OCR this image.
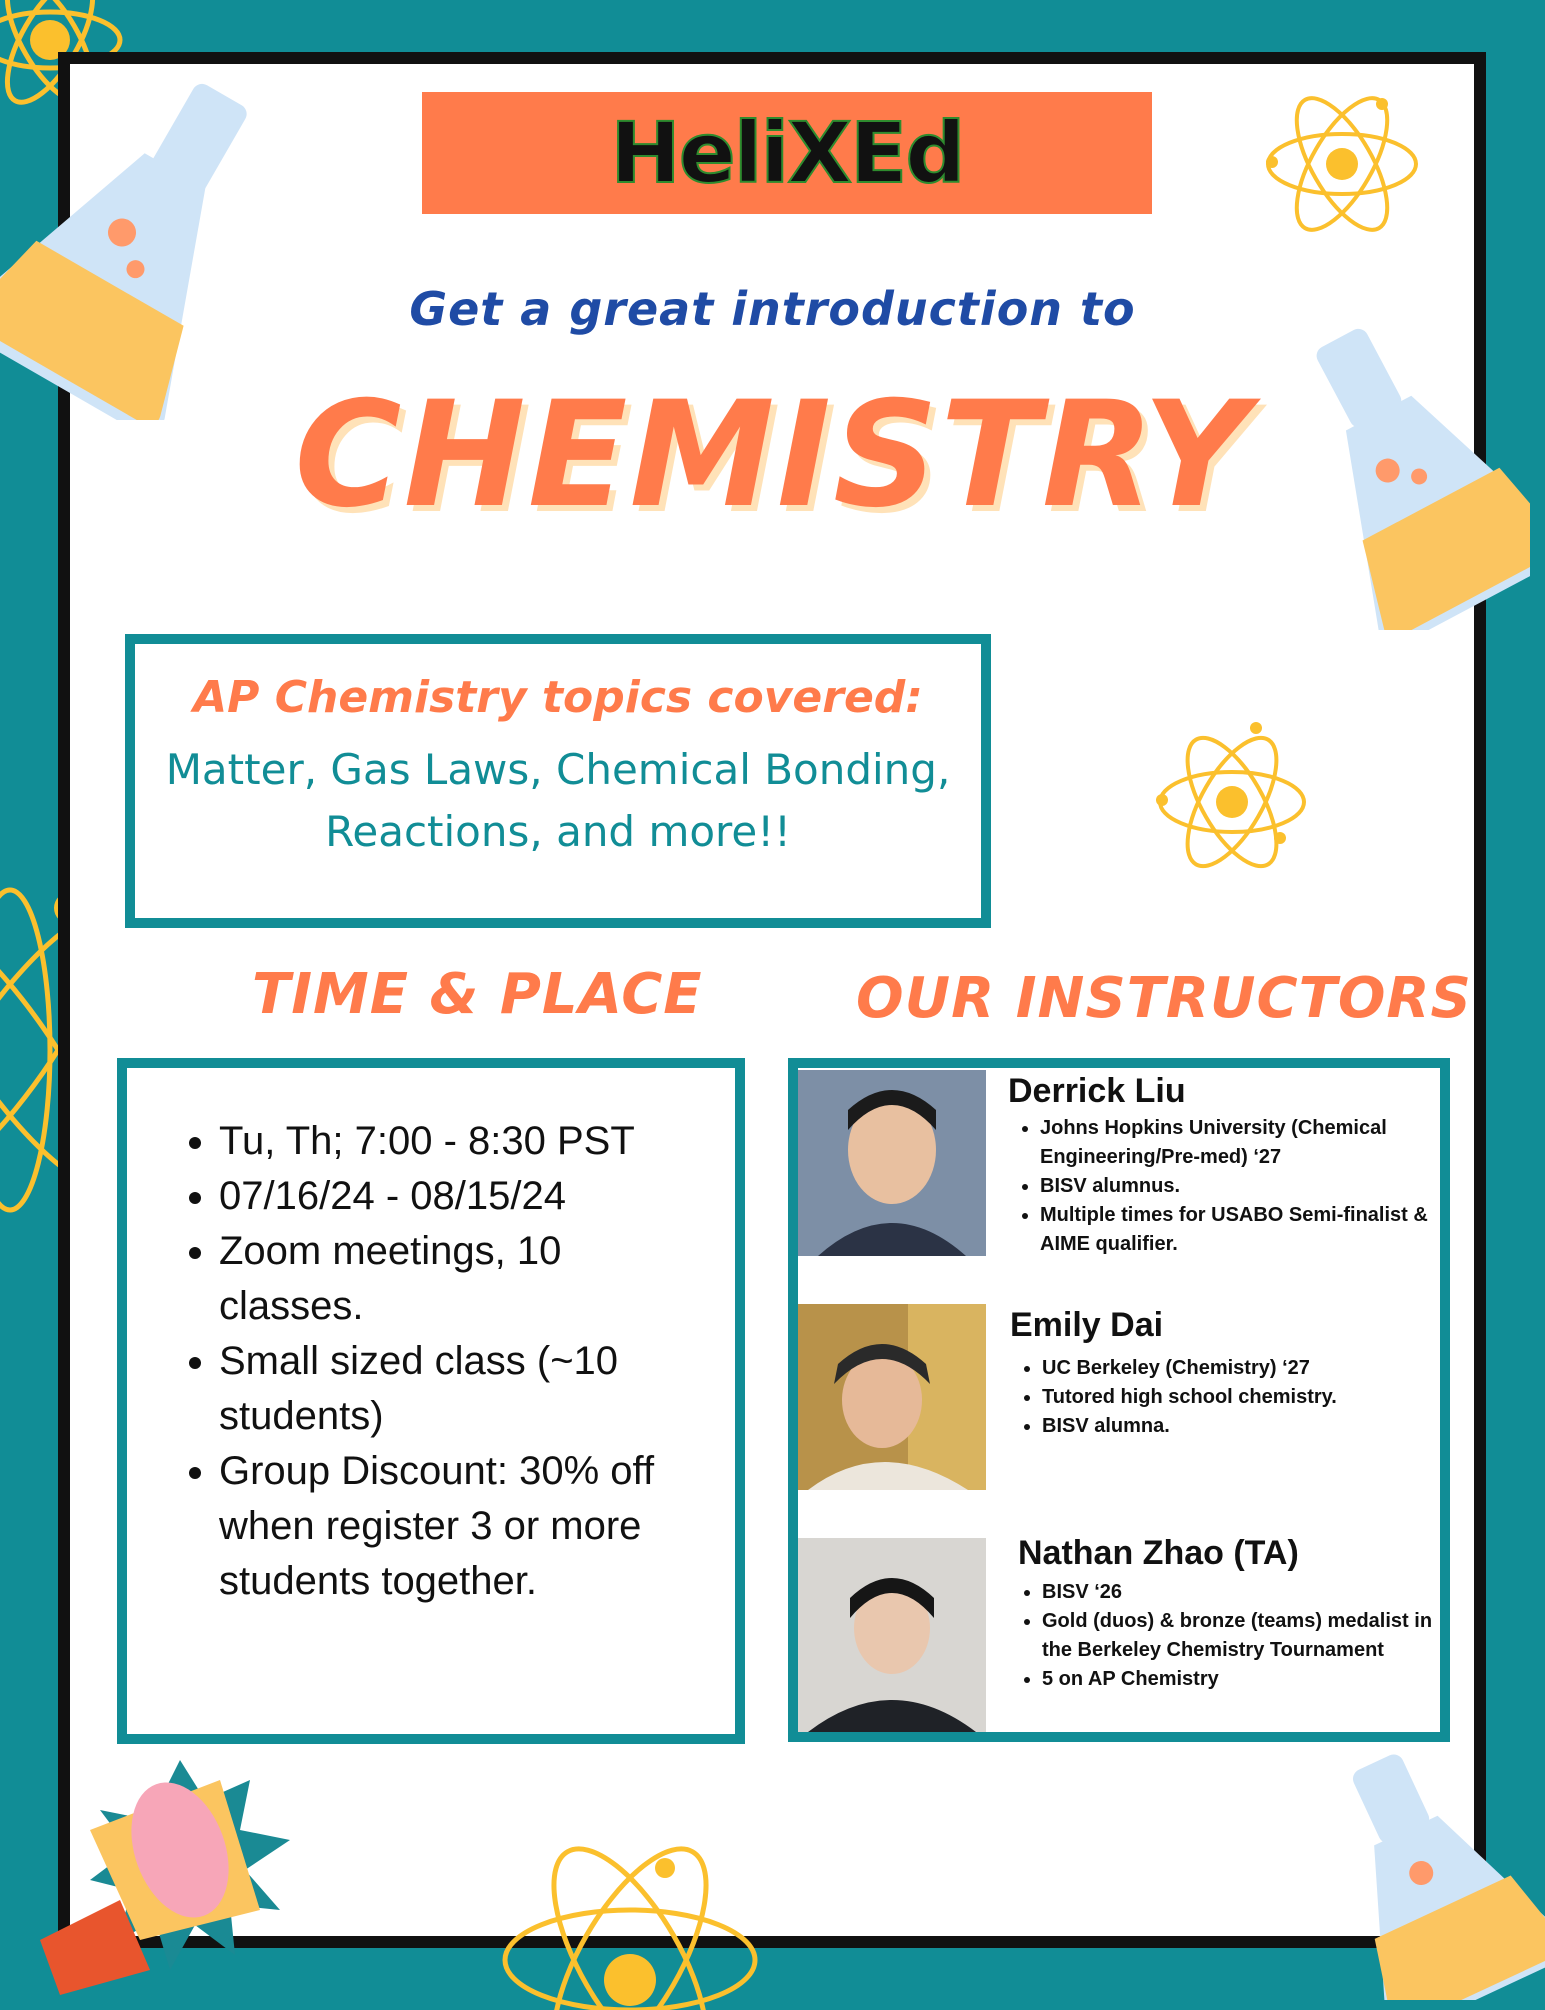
HeliXEd
Get a great introduction to
CHEMISTRY
AP Chemistry topics covered:
Matter, Gas Laws, Chemical Bonding,
Reactions, and more!!
TIME & PLACE	OUR INSTRUCTORS
• Tu, Th; 7:00 - 8:30 PST
• 07/16/24 - 08/15/24
• Zoom meetings, 10 classes.
• Small sized class (~10 students)
• Group Discount: 30% off when register 3 or more students together.
Derrick Liu
• Johns Hopkins University (Chemical Engineering/Pre-med) ‘27
• BISV alumnus.
• Multiple times for USABO Semi-finalist & AIME qualifier.
Emily Dai
• UC Berkeley (Chemistry) ‘27
• Tutored high school chemistry.
• BISV alumna.
Nathan Zhao (TA)
• BISV ‘26
• Gold (duos) & bronze (teams) medalist in the Berkeley Chemistry Tournament
• 5 on AP Chemistry
